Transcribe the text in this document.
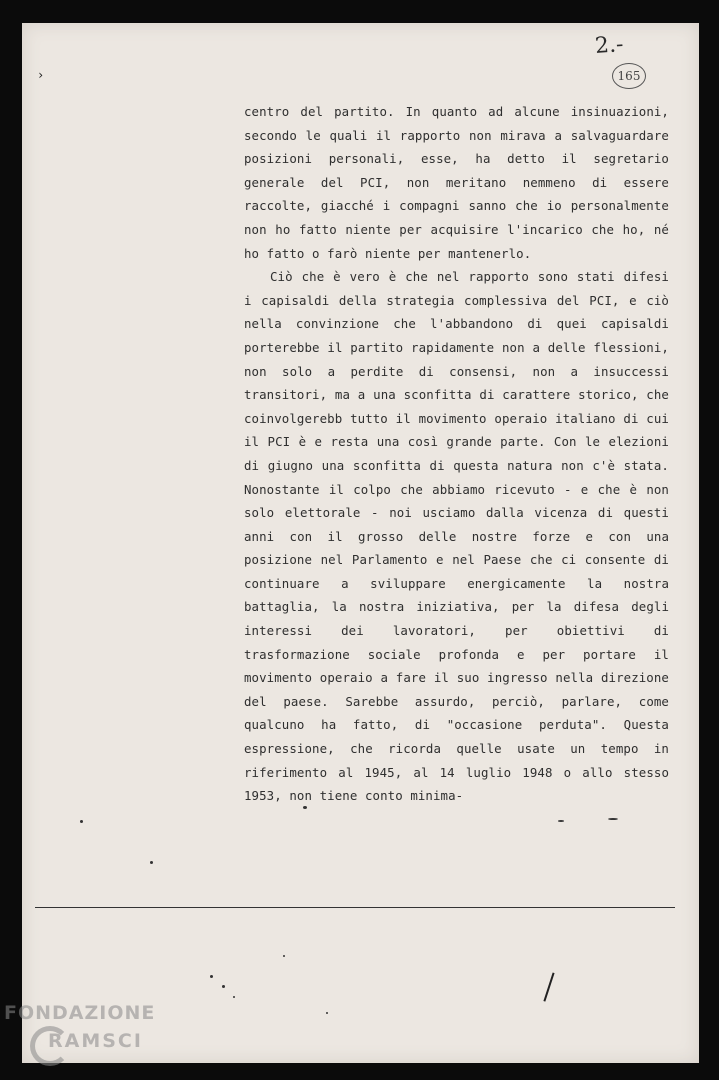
›
2.-
165

centro del partito. In quanto ad alcune insinuazioni, secondo le quali il rapporto non mirava a salvaguardare posizioni personali, esse, ha detto il segretario generale del PCI, non meritano nemmeno di essere raccolte, giacché i compagni sanno che io personalmente non ho fatto niente per acquisire l'incarico che ho, né ho fatto o farò niente per mantenerlo.

Ciò che è vero è che nel rapporto sono stati difesi i capisaldi della strategia complessiva del PCI, e ciò nella convinzione che l'abbandono di quei capisaldi porterebbe il partito rapidamente non a delle flessioni, non solo a perdite di consensi, non a insuccessi transitori, ma a una sconfitta di carattere storico, che coinvolgerebb tutto il movimento operaio italiano di cui il PCI è e resta una così grande parte. Con le elezioni di giugno una sconfitta di questa natura non c'è stata. Nonostante il colpo che abbiamo ricevuto - e che è non solo elettorale - noi usciamo dalla vicenza di questi anni con il grosso delle nostre forze e con una posizione nel Parlamento e nel Paese che ci consente di continuare a sviluppare energicamente la nostra battaglia, la nostra iniziativa, per la difesa degli interessi dei lavoratori, per obiettivi di trasformazione sociale profonda e per portare il movimento operaio a fare il suo ingresso nella direzione del paese. Sarebbe assurdo, perciò, parlare, come qualcuno ha fatto, di "occasione perduta". Questa espressione, che ricorda quelle usate un tempo in riferimento al 1945, al 14 luglio 1948 o allo stesso 1953, non tiene conto minima-

FONDAZIONE
RAMSCI
